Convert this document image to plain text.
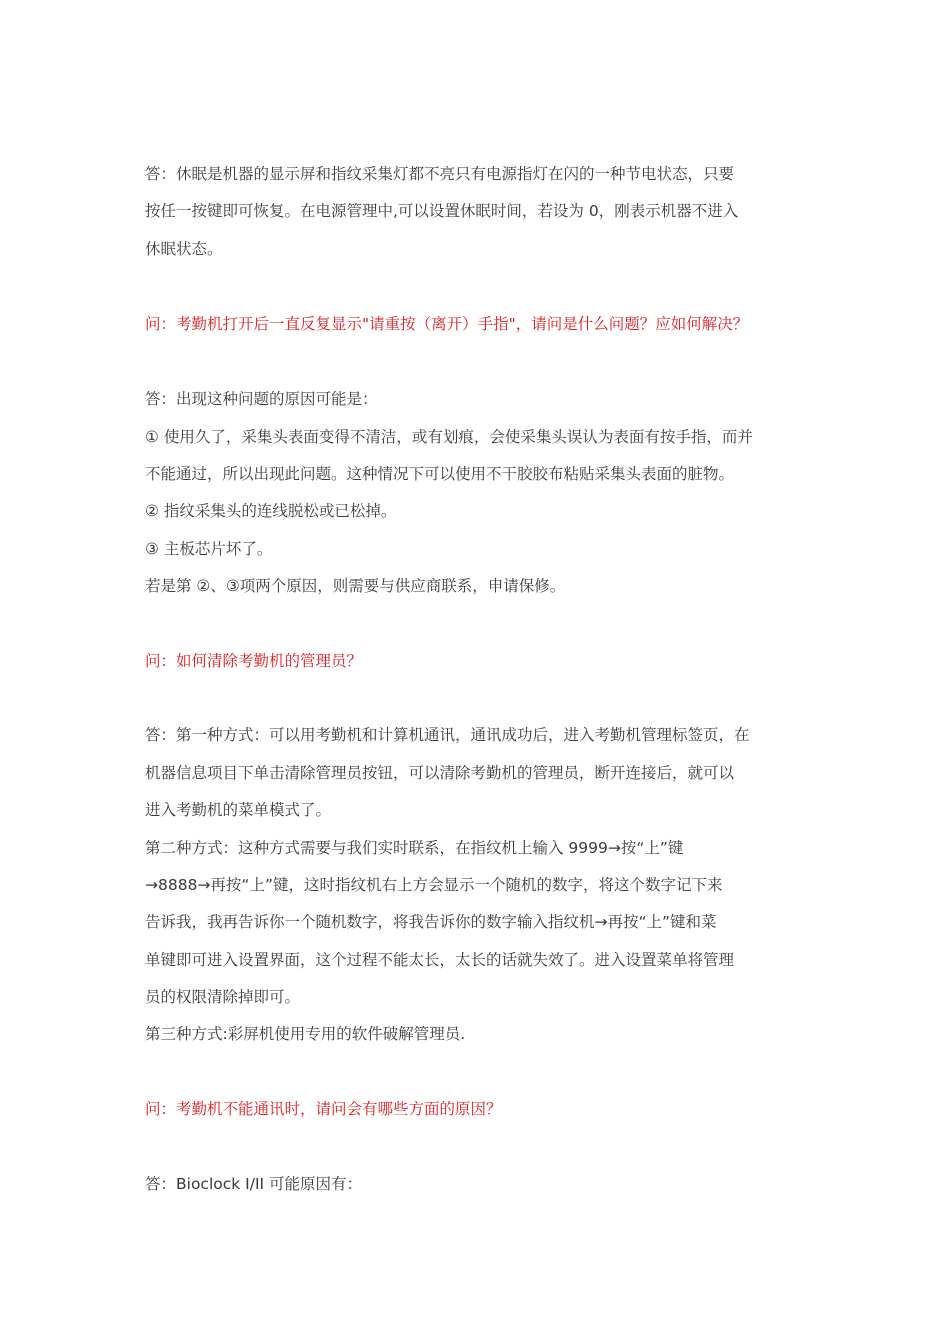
答：休眠是机器的显示屏和指纹采集灯都不亮只有电源指灯在闪的一种节电状态，只要
按任一按键即可恢复。在电源管理中,可以设置休眠时间，若设为 0，刚表示机器不进入
休眠状态。
问：考勤机打开后一直反复显示"请重按（离开）手指"，请问是什么问题？应如何解决？
答：出现这种问题的原因可能是：
① 使用久了，采集头表面变得不清洁，或有划痕，会使采集头误认为表面有按手指，而并
不能通过，所以出现此问题。这种情况下可以使用不干胶胶布粘贴采集头表面的脏物。
② 指纹采集头的连线脱松或已松掉。
③ 主板芯片坏了。
若是第 ②、③项两个原因，则需要与供应商联系，申请保修。
问：如何清除考勤机的管理员？
答：第一种方式：可以用考勤机和计算机通讯，通讯成功后，进入考勤机管理标签页，在
机器信息项目下单击清除管理员按钮，可以清除考勤机的管理员，断开连接后，就可以
进入考勤机的菜单模式了。
第二种方式：这种方式需要与我们实时联系，在指纹机上输入 9999→按“上”键
→8888→再按“上”键，这时指纹机右上方会显示一个随机的数字，将这个数字记下来
告诉我，我再告诉你一个随机数字，将我告诉你的数字输入指纹机→再按“上”键和菜
单键即可进入设置界面，这个过程不能太长，太长的话就失效了。进入设置菜单将管理
员的权限清除掉即可。
第三种方式:彩屏机使用专用的软件破解管理员.
问：考勤机不能通讯时，请问会有哪些方面的原因？
答：Bioclock I/II 可能原因有：
